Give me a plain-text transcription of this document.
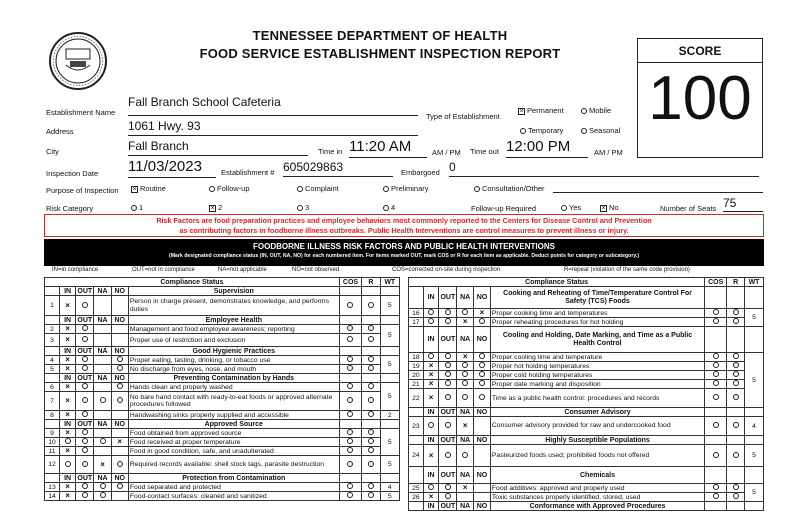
TENNESSEE DEPARTMENT OF HEALTH
FOOD SERVICE ESTABLISHMENT INSPECTION REPORT	SCORE
100
Establishment Name
Fall Branch School Cafeteria
Type of Establishment
× Permanent	Mobile
Address	1061 Hwy. 93	Temporary	Seasonal
City	Fall Branch	Time in 11:20 AM	AM / PM Time out 12:00 PM	AM / PM
Inspection Date 11/03/2023	Establishment # 605029863	Embargoed 0
Purpose of Inspection × Routine	Follow-up	Complaint	Preliminary	Consultation/Other
Risk Category	1	× 2	3	4	Follow-up Required	Yes	× No	Number of Seats 75
Risk Factors are food preparation practices and employee behaviors most commonly reported to the Centers for Disease Control and Prevention
as contributing factors in foodborne illness outbreaks. Public Health Interventions are control measures to prevent illness or injury.
FOODBORNE ILLNESS RISK FACTORS AND PUBLIC HEALTH INTERVENTIONS
(Mark designated compliance status (IN, OUT, NA, NO) for each numbered item. For items marked OUT, mark COS or R for each item as applicable. Deduct points for category or subcategory.)
IN=in compliance	OUT=not in compliance	NA=not applicable	NO=not observed	COS=corrected on-site during inspection	R=repeat (violation of the same code provision)
Compliance Status						COS	R	WT
	IN	OUT	NA	NO	Supervision			
1	×				Person in charge present, demonstrates knowledge, and performs duties			5
	IN	OUT	NA	NO	Employee Health			
2	×				Management and food employee awareness; reporting			5
3	×				Proper use of restriction and exclusion			
	IN	OUT	NA	NO	Good Hygienic Practices			
4	×				Proper eating, tasting, drinking, or tobacco use			5
5	×				No discharge from eyes, nose, and mouth			
	IN	OUT	NA	NO	Preventing Contamination by Hands			
6	×				Hands clean and properly washed			5
7	×				No bare hand contact with ready-to-eat foods or approved alternate procedures followed			
8	×				Handwashing sinks properly supplied and accessible			2
	IN	OUT	NA	NO	Approved Source			
9	×				Food obtained from approved source			5
10				×	Food received at proper temperature			
11	×				Food in good condition, safe, and unadulterated			
12			×		Required records available: shell stock tags, parasite destruction			5
	IN	OUT	NA	NO	Protection from Contamination			
13	×				Food separated and protected			4
14	×				Food-contact surfaces: cleaned and sanitized			5
Compliance Status						COS	R	WT
	IN	OUT	NA	NO	Cooking and Reheating of Time/Temperature Control For Safety (TCS) Foods			
16				×	Proper cooking time and temperatures			5
17			×		Proper reheating procedures for hot holding			
	IN	OUT	NA	NO	Cooling and Holding, Date Marking, and Time as a Public Health Control			
18			×		Proper cooling time and temperature			5
19	×				Proper hot holding temperatures			
20	×				Proper cold holding temperatures			
21	×				Proper date marking and disposition			
22	×				Time as a public health control: procedures and records			
	IN	OUT	NA	NO	Consumer Advisory			
23			×		Consumer advisory provided for raw and undercooked food			4
	IN	OUT	NA	NO	Highly Susceptible Populations			
24	×				Pasteurized foods used; prohibited foods not offered			5
	IN	OUT	NA	NO	Chemicals			
25			×		Food additives: approved and properly used			5
26	×				Toxic substances properly identified, stored, used			
	IN	OUT	NA	NO	Conformance with Approved Procedures			
